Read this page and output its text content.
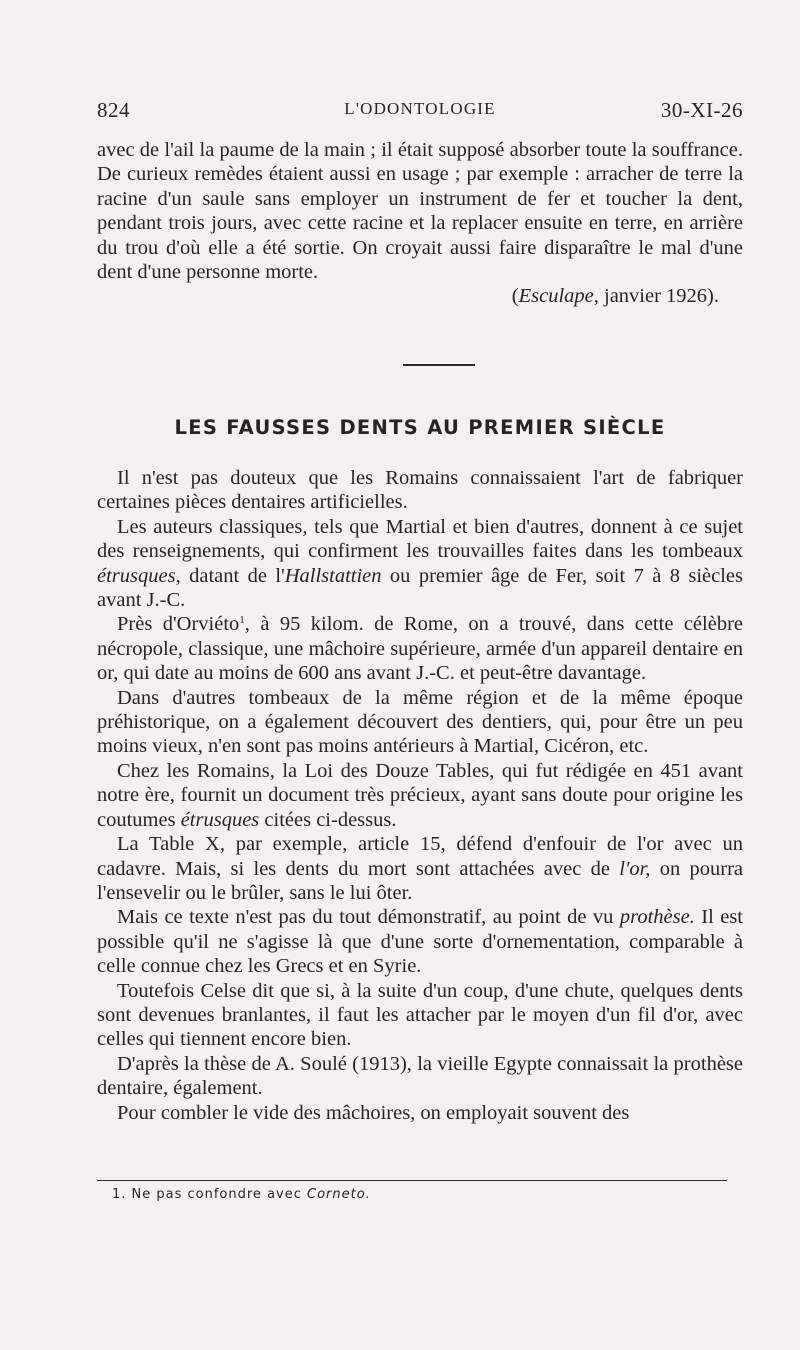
824	L'ODONTOLOGIE	30-XI-26

avec de l'ail la paume de la main ; il était supposé absorber toute la souffrance. De curieux remèdes étaient aussi en usage ; par exemple : arracher de terre la racine d'un saule sans employer un instrument de fer et toucher la dent, pendant trois jours, avec cette racine et la replacer ensuite en terre, en arrière du trou d'où elle a été sortie. On croyait aussi faire disparaître le mal d'une dent d'une personne morte.

(Esculape, janvier 1926).

LES FAUSSES DENTS AU PREMIER SIÈCLE

Il n'est pas douteux que les Romains connaissaient l'art de fabriquer certaines pièces dentaires artificielles.

Les auteurs classiques, tels que Martial et bien d'autres, donnent à ce sujet des renseignements, qui confirment les trouvailles faites dans les tombeaux étrusques, datant de l'Hallstattien ou premier âge de Fer, soit 7 à 8 siècles avant J.-C.

Près d'Orviéto$^1$, à 95 kilom. de Rome, on a trouvé, dans cette célèbre nécropole, classique, une mâchoire supérieure, armée d'un appareil dentaire en or, qui date au moins de 600 ans avant J.-C. et peut-être davantage.

Dans d'autres tombeaux de la même région et de la même époque préhistorique, on a également découvert des dentiers, qui, pour être un peu moins vieux, n'en sont pas moins antérieurs à Martial, Cicéron, etc.

Chez les Romains, la Loi des Douze Tables, qui fut rédigée en 451 avant notre ère, fournit un document très précieux, ayant sans doute pour origine les coutumes étrusques citées ci-dessus.

La Table X, par exemple, article 15, défend d'enfouir de l'or avec un cadavre. Mais, si les dents du mort sont attachées avec de l'or, on pourra l'ensevelir ou le brûler, sans le lui ôter.

Mais ce texte n'est pas du tout démonstratif, au point de vu prothèse. Il est possible qu'il ne s'agisse là que d'une sorte d'ornementation, comparable à celle connue chez les Grecs et en Syrie.

Toutefois Celse dit que si, à la suite d'un coup, d'une chute, quelques dents sont devenues branlantes, il faut les attacher par le moyen d'un fil d'or, avec celles qui tiennent encore bien.

D'après la thèse de A. Soulé (1913), la vieille Egypte connaissait la prothèse dentaire, également.

Pour combler le vide des mâchoires, on employait souvent des

1. Ne pas confondre avec Corneto.
